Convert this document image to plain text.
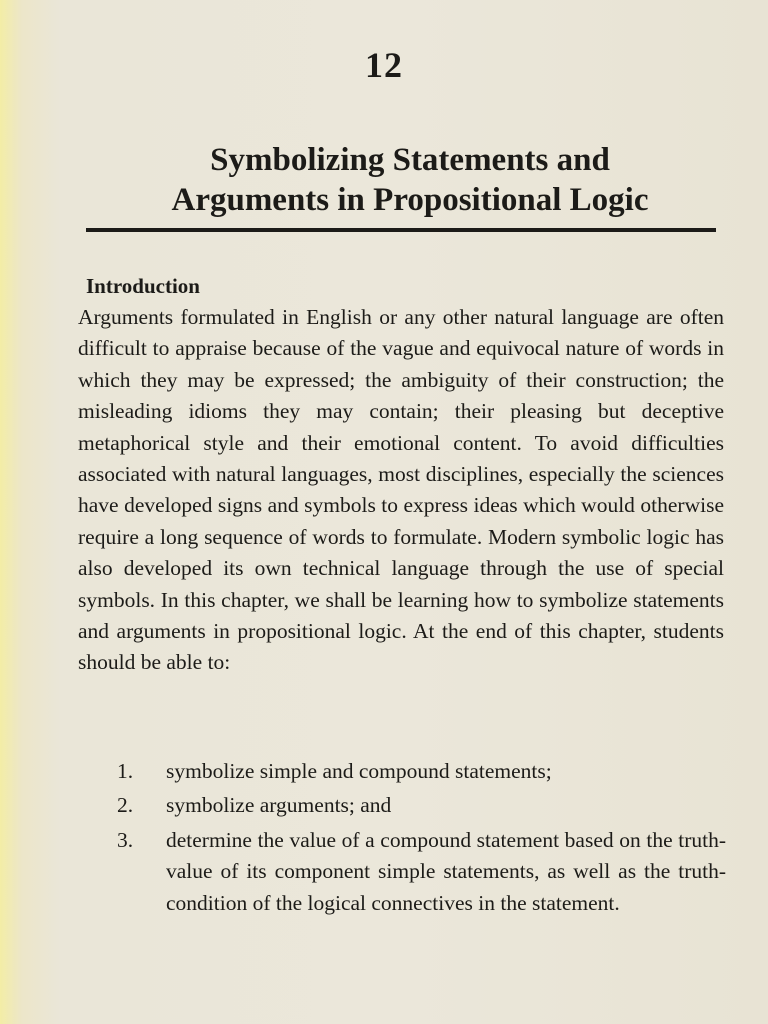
12
Symbolizing Statements and
Arguments in Propositional Logic
Introduction

Arguments formulated in English or any other natural language are often difficult to appraise because of the vague and equivocal nature of words in which they may be expressed; the ambiguity of their construction; the misleading idioms they may contain; their pleasing but deceptive metaphorical style and their emotional content. To avoid difficulties associated with natural languages, most disciplines, especially the sciences have developed signs and symbols to express ideas which would otherwise require a long sequence of words to formulate. Modern symbolic logic has also developed its own technical language through the use of special symbols. In this chapter, we shall be learning how to symbolize statements and arguments in propositional logic. At the end of this chapter, students should be able to:

1. symbolize simple and compound statements;
2. symbolize arguments; and
3. determine the value of a compound statement based on the truth-value of its component simple statements, as well as the truth-condition of the logical connectives in the statement.
